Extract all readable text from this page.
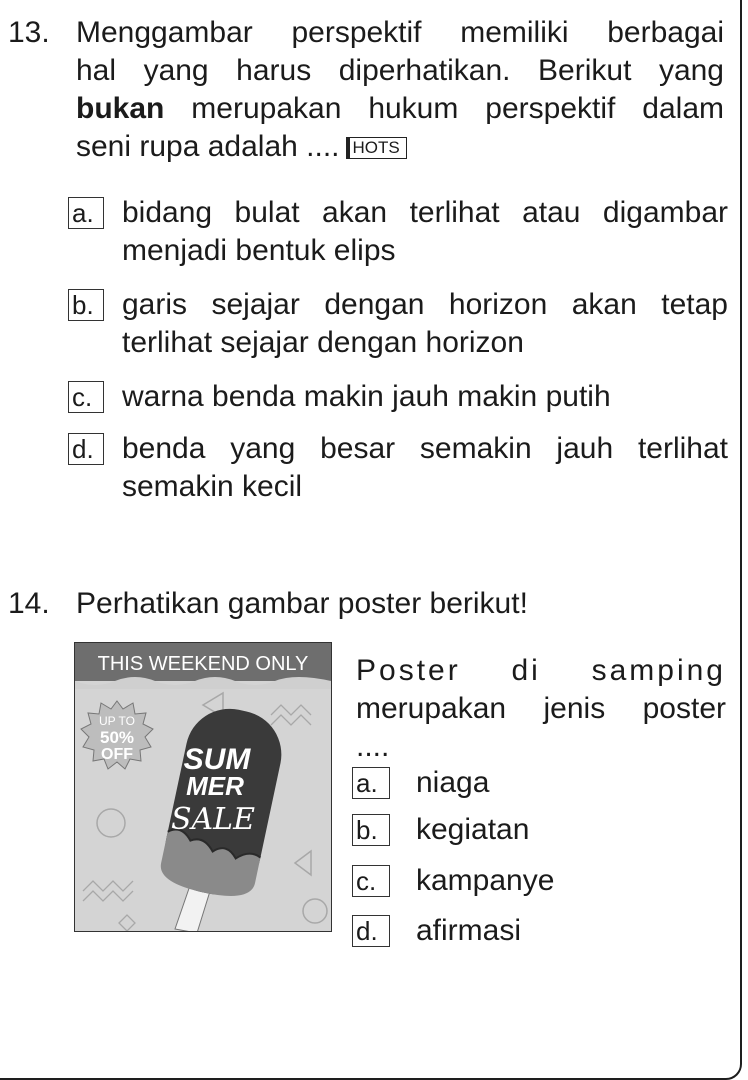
13. Menggambar perspektif memiliki berbagai
hal yang harus diperhatikan. Berikut yang
bukan merupakan hukum perspektif dalam
seni rupa adalah .... HOTS
a. bidang bulat akan terlihat atau digambar
menjadi bentuk elips
b. garis sejajar dengan horizon akan tetap
terlihat sejajar dengan horizon
c. warna benda makin jauh makin putih
d. benda yang besar semakin jauh terlihat
semakin kecil
14. Perhatikan gambar poster berikut!
THIS WEEKEND ONLY
UP TO
50%
OFF SUM
MER
SALE
Poster di samping
merupakan jenis poster
....
a.	niaga
b.	kegiatan
c.	kampanye
d.	afirmasi
